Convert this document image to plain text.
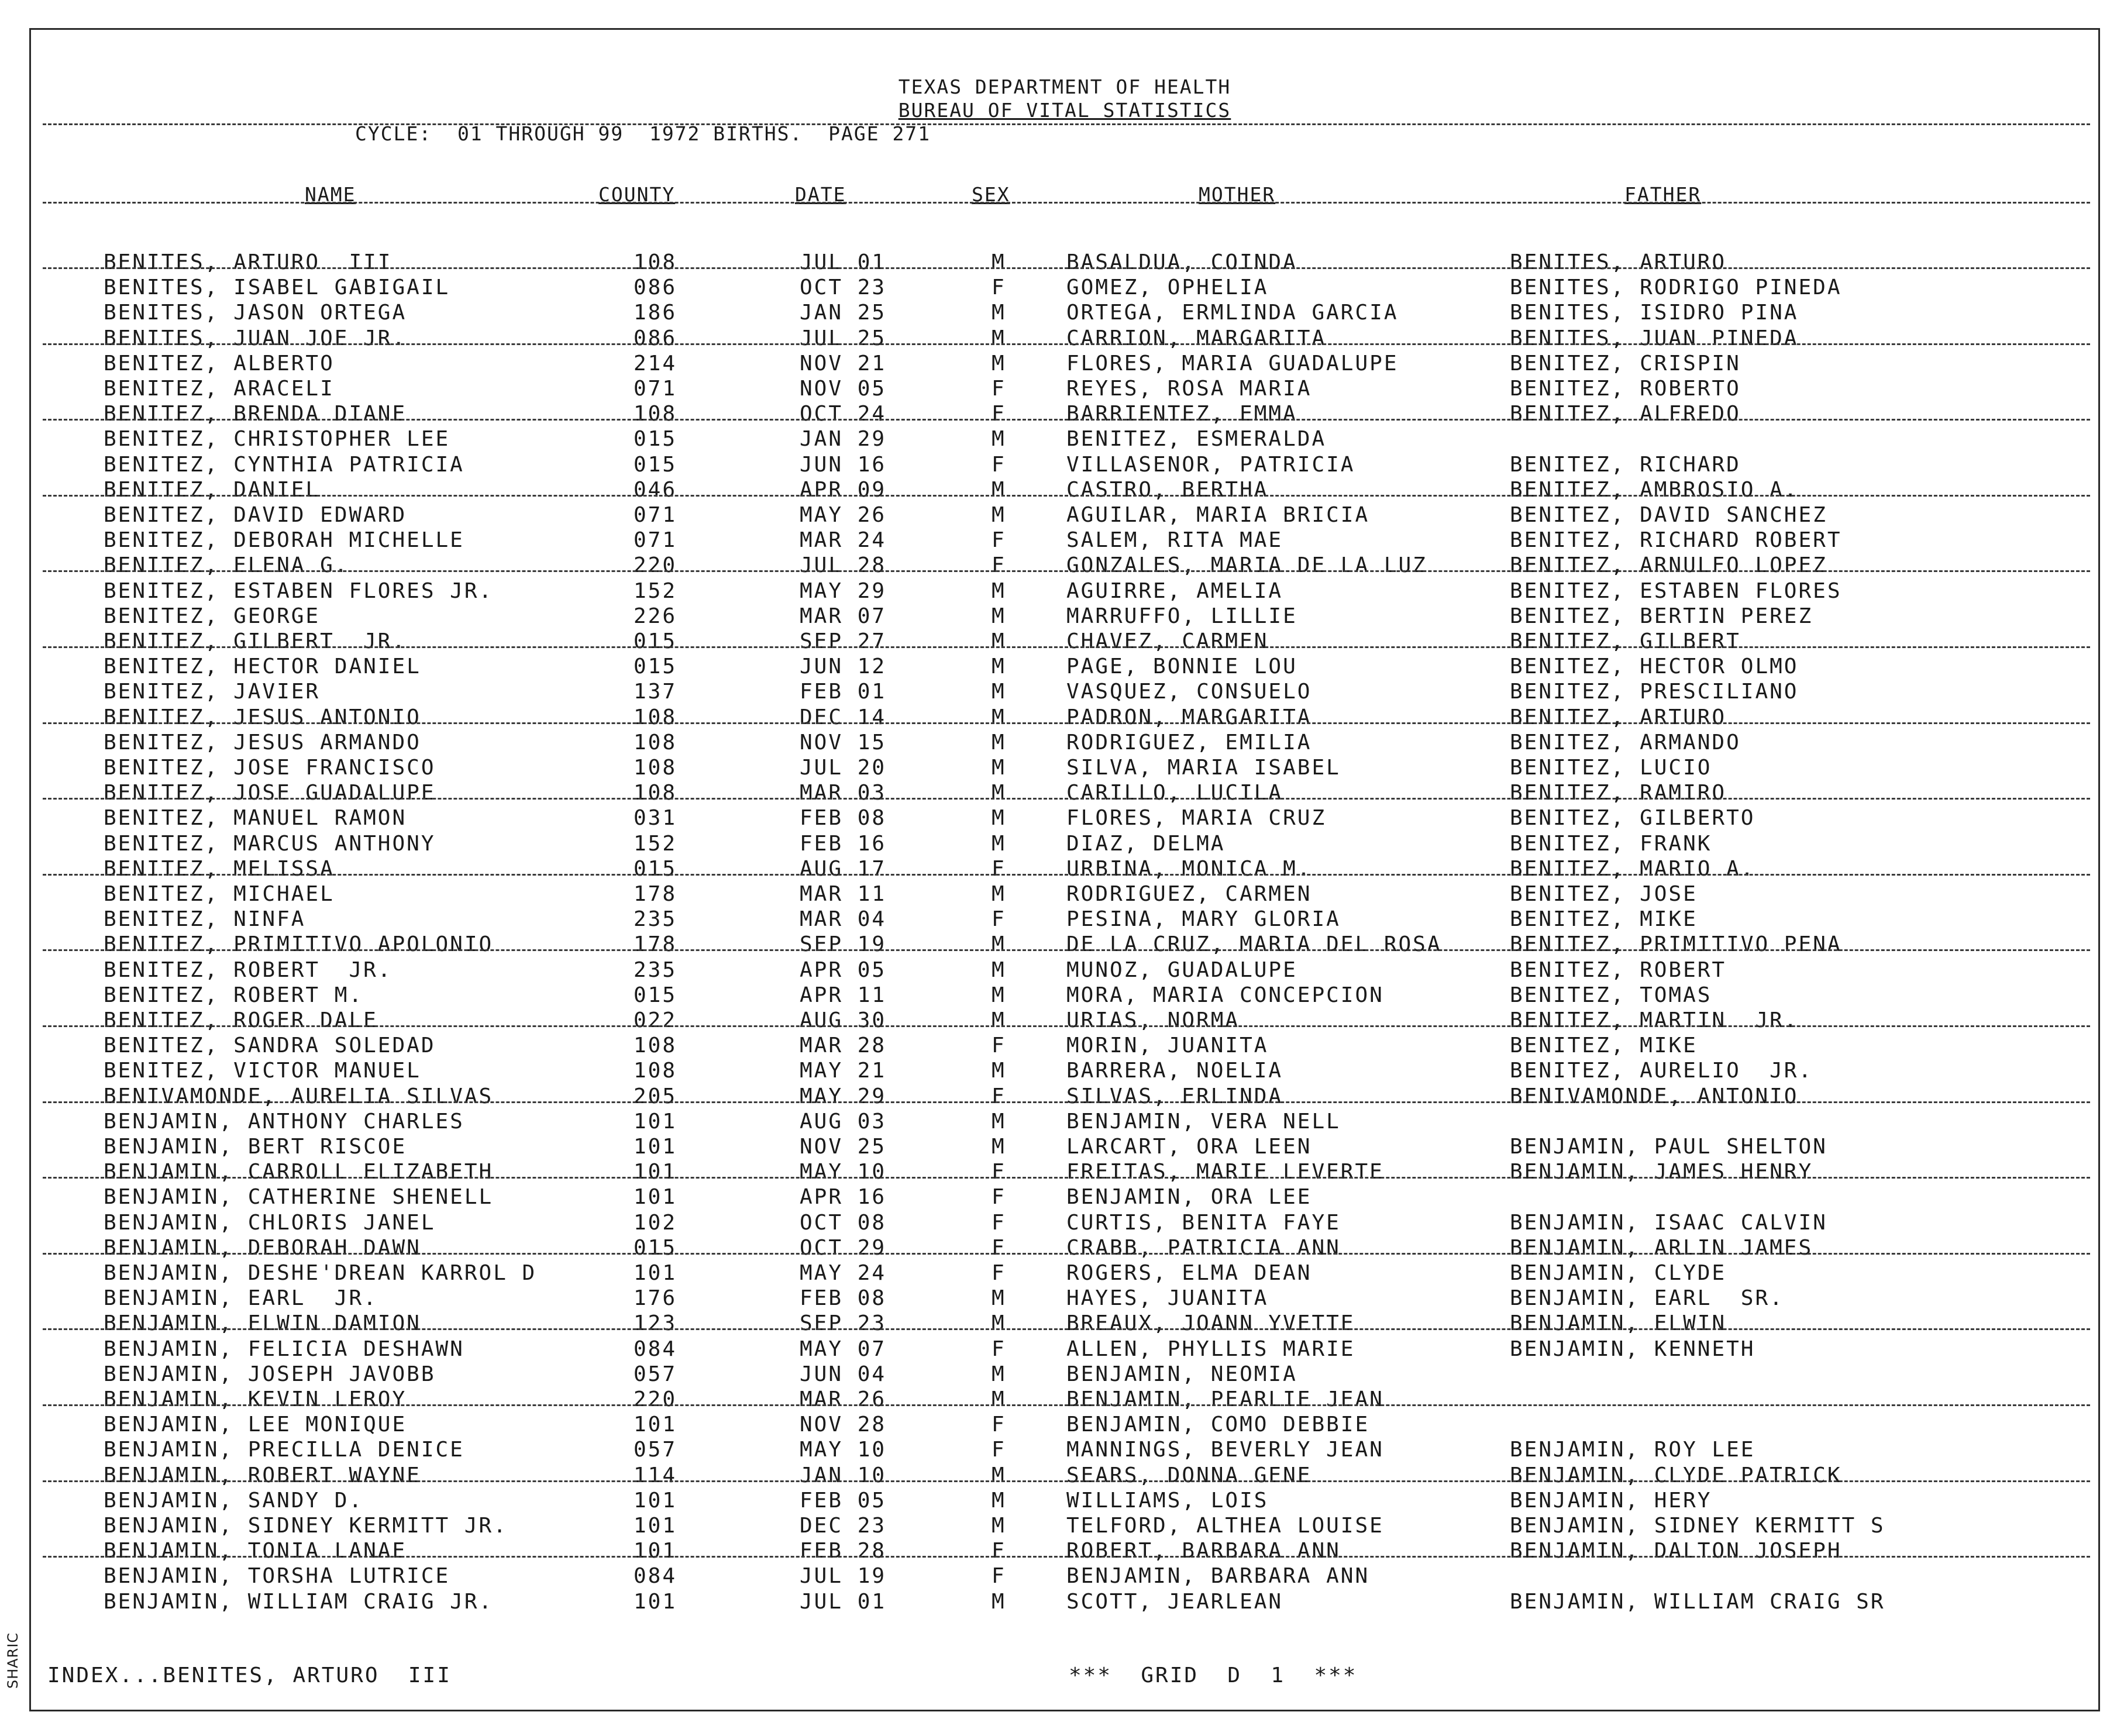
TEXAS DEPARTMENT OF HEALTH
BUREAU OF VITAL STATISTICS
CYCLE:  01 THROUGH 99  1972 BIRTHS.  PAGE 271
NAME	COUNTY	DATE	SEX	MOTHER	FATHER
BENITES, ARTURO  III	108	JUL 01	M	BASALDUA, COINDA	BENITES, ARTURO
BENITES, ISABEL GABIGAIL	086	OCT 23	F	GOMEZ, OPHELIA	BENITES, RODRIGO PINEDA
BENITES, JASON ORTEGA	186	JAN 25	M	ORTEGA, ERMLINDA GARCIA	BENITES, ISIDRO PINA
BENITES, JUAN JOE JR.	086	JUL 25	M	CARRION, MARGARITA	BENITES, JUAN PINEDA
BENITEZ, ALBERTO	214	NOV 21	M	FLORES, MARIA GUADALUPE	BENITEZ, CRISPIN
BENITEZ, ARACELI	071	NOV 05	F	REYES, ROSA MARIA	BENITEZ, ROBERTO
BENITEZ, BRENDA DIANE	108	OCT 24	F	BARRIENTEZ, EMMA	BENITEZ, ALFREDO
BENITEZ, CHRISTOPHER LEE	015	JAN 29	M	BENITEZ, ESMERALDA
BENITEZ, CYNTHIA PATRICIA	015	JUN 16	F	VILLASENOR, PATRICIA	BENITEZ, RICHARD
BENITEZ, DANIEL	046	APR 09	M	CASTRO, BERTHA	BENITEZ, AMBROSIO A.
BENITEZ, DAVID EDWARD	071	MAY 26	M	AGUILAR, MARIA BRICIA	BENITEZ, DAVID SANCHEZ
BENITEZ, DEBORAH MICHELLE	071	MAR 24	F	SALEM, RITA MAE	BENITEZ, RICHARD ROBERT
BENITEZ, ELENA G.	220	JUL 28	F	GONZALES, MARIA DE LA LUZ	BENITEZ, ARNULFO LOPEZ
BENITEZ, ESTABEN FLORES JR.	152	MAY 29	M	AGUIRRE, AMELIA	BENITEZ, ESTABEN FLORES
BENITEZ, GEORGE	226	MAR 07	M	MARRUFFO, LILLIE	BENITEZ, BERTIN PEREZ
BENITEZ, GILBERT  JR.	015	SEP 27	M	CHAVEZ, CARMEN	BENITEZ, GILBERT
BENITEZ, HECTOR DANIEL	015	JUN 12	M	PAGE, BONNIE LOU	BENITEZ, HECTOR OLMO
BENITEZ, JAVIER	137	FEB 01	M	VASQUEZ, CONSUELO	BENITEZ, PRESCILIANO
BENITEZ, JESUS ANTONIO	108	DEC 14	M	PADRON, MARGARITA	BENITEZ, ARTURO
BENITEZ, JESUS ARMANDO	108	NOV 15	M	RODRIGUEZ, EMILIA	BENITEZ, ARMANDO
BENITEZ, JOSE FRANCISCO	108	JUL 20	M	SILVA, MARIA ISABEL	BENITEZ, LUCIO
BENITEZ, JOSE GUADALUPE	108	MAR 03	M	CARILLO, LUCILA	BENITEZ, RAMIRO
BENITEZ, MANUEL RAMON	031	FEB 08	M	FLORES, MARIA CRUZ	BENITEZ, GILBERTO
BENITEZ, MARCUS ANTHONY	152	FEB 16	M	DIAZ, DELMA	BENITEZ, FRANK
BENITEZ, MELISSA	015	AUG 17	F	URBINA, MONICA M.	BENITEZ, MARIO A.
BENITEZ, MICHAEL	178	MAR 11	M	RODRIGUEZ, CARMEN	BENITEZ, JOSE
BENITEZ, NINFA	235	MAR 04	F	PESINA, MARY GLORIA	BENITEZ, MIKE
BENITEZ, PRIMITIVO APOLONIO	178	SEP 19	M	DE LA CRUZ, MARIA DEL ROSA	BENITEZ, PRIMITIVO PENA
BENITEZ, ROBERT  JR.	235	APR 05	M	MUNOZ, GUADALUPE	BENITEZ, ROBERT
BENITEZ, ROBERT M.	015	APR 11	M	MORA, MARIA CONCEPCION	BENITEZ, TOMAS
BENITEZ, ROGER DALE	022	AUG 30	M	URIAS, NORMA	BENITEZ, MARTIN  JR.
BENITEZ, SANDRA SOLEDAD	108	MAR 28	F	MORIN, JUANITA	BENITEZ, MIKE
BENITEZ, VICTOR MANUEL	108	MAY 21	M	BARRERA, NOELIA	BENITEZ, AURELIO  JR.
BENIVAMONDE, AURELIA SILVAS	205	MAY 29	F	SILVAS, ERLINDA	BENIVAMONDE, ANTONIO
BENJAMIN, ANTHONY CHARLES	101	AUG 03	M	BENJAMIN, VERA NELL
BENJAMIN, BERT RISCOE	101	NOV 25	M	LARCART, ORA LEEN	BENJAMIN, PAUL SHELTON
BENJAMIN, CARROLL ELIZABETH	101	MAY 10	F	FREITAS, MARIE LEVERTE	BENJAMIN, JAMES HENRY
BENJAMIN, CATHERINE SHENELL	101	APR 16	F	BENJAMIN, ORA LEE
BENJAMIN, CHLORIS JANEL	102	OCT 08	F	CURTIS, BENITA FAYE	BENJAMIN, ISAAC CALVIN
BENJAMIN, DEBORAH DAWN	015	OCT 29	F	CRABB, PATRICIA ANN	BENJAMIN, ARLIN JAMES
BENJAMIN, DESHE'DREAN KARROL D	101	MAY 24	F	ROGERS, ELMA DEAN	BENJAMIN, CLYDE
BENJAMIN, EARL  JR.	176	FEB 08	M	HAYES, JUANITA	BENJAMIN, EARL  SR.
BENJAMIN, ELWIN DAMION	123	SEP 23	M	BREAUX, JOANN YVETTE	BENJAMIN, ELWIN
BENJAMIN, FELICIA DESHAWN	084	MAY 07	F	ALLEN, PHYLLIS MARIE	BENJAMIN, KENNETH
BENJAMIN, JOSEPH JAVOBB	057	JUN 04	M	BENJAMIN, NEOMIA
BENJAMIN, KEVIN LEROY	220	MAR 26	M	BENJAMIN, PEARLIE JEAN
BENJAMIN, LEE MONIQUE	101	NOV 28	F	BENJAMIN, COMO DEBBIE
BENJAMIN, PRECILLA DENICE	057	MAY 10	F	MANNINGS, BEVERLY JEAN	BENJAMIN, ROY LEE
BENJAMIN, ROBERT WAYNE	114	JAN 10	M	SEARS, DONNA GENE	BENJAMIN, CLYDE PATRICK
BENJAMIN, SANDY D.	101	FEB 05	M	WILLIAMS, LOIS	BENJAMIN, HERY
BENJAMIN, SIDNEY KERMITT JR.	101	DEC 23	M	TELFORD, ALTHEA LOUISE	BENJAMIN, SIDNEY KERMITT S
BENJAMIN, TONIA LANAE	101	FEB 28	F	ROBERT, BARBARA ANN	BENJAMIN, DALTON JOSEPH
BENJAMIN, TORSHA LUTRICE	084	JUL 19	F	BENJAMIN, BARBARA ANN
BENJAMIN, WILLIAM CRAIG JR.	101	JUL 01	M	SCOTT, JEARLEAN	BENJAMIN, WILLIAM CRAIG SR
INDEX...BENITES, ARTURO  III	***  GRID  D  1  ***
SHARIC
